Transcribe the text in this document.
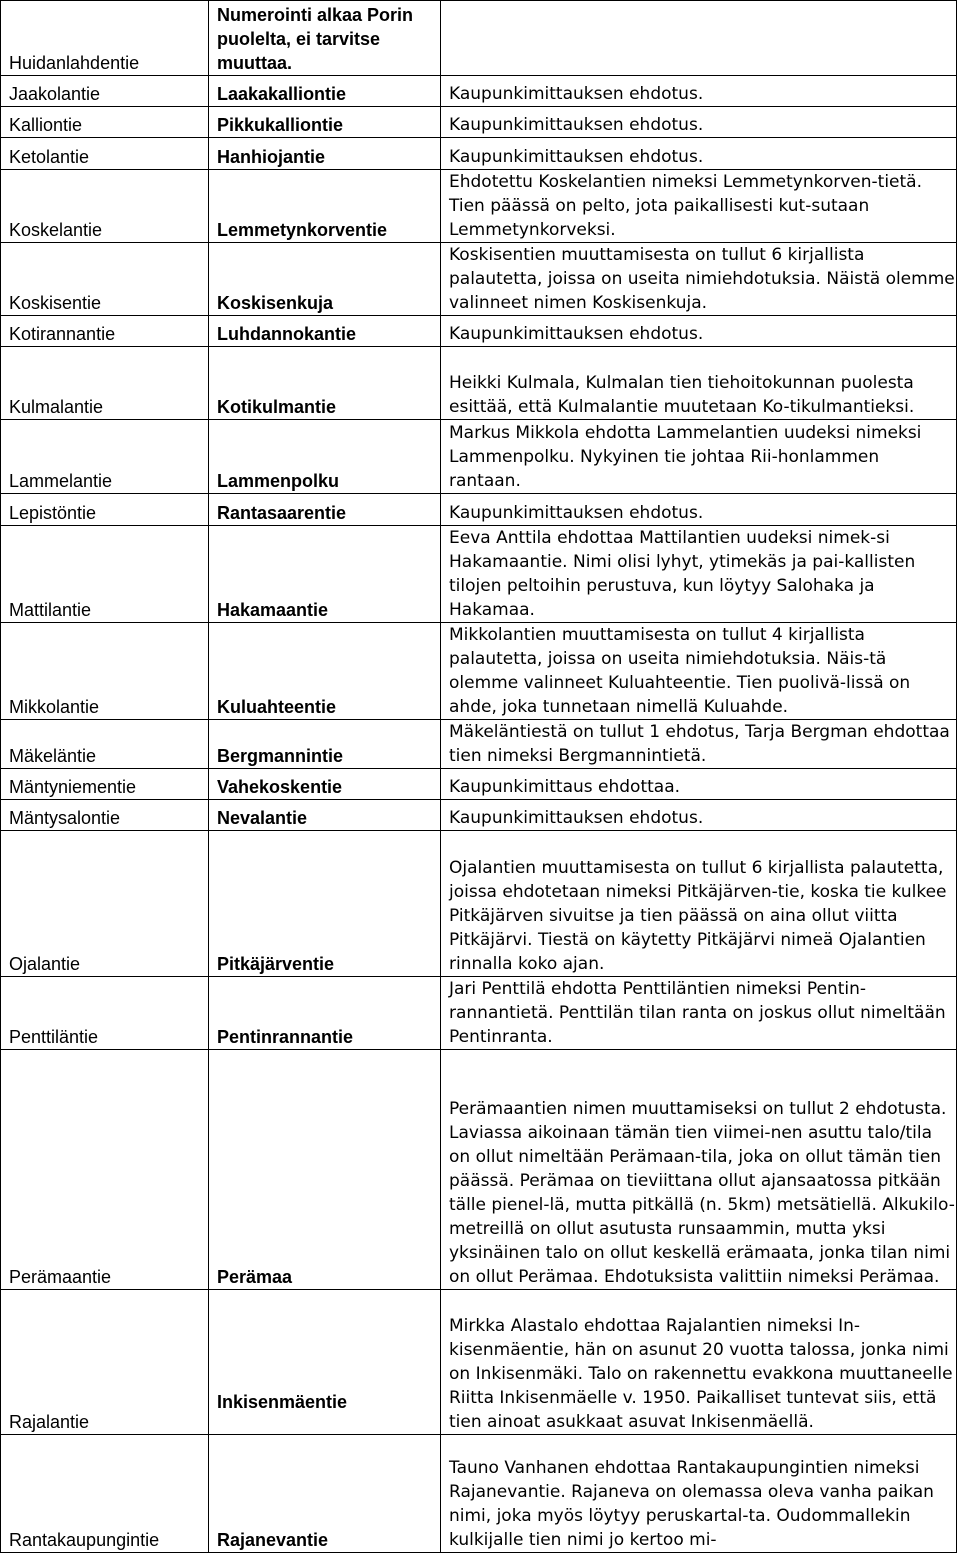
Huidanlahdentie	Numerointi alkaa Porin puolelta, ei tarvitse muuttaa.	
Jaakolantie	Laakakalliontie	Kaupunkimittauksen ehdotus.
Kalliontie	Pikkukalliontie	Kaupunkimittauksen ehdotus.
Ketolantie	Hanhiojantie	Kaupunkimittauksen ehdotus.
Koskelantie	Lemmetynkorventie	Ehdotettu Koskelantien nimeksi Lemmetynkorven-tietä. Tien päässä on pelto, jota paikallisesti kut-sutaan Lemmetynkorveksi.
Koskisentie	Koskisenkuja	Koskisentien muuttamisesta on tullut 6 kirjallista palautetta, joissa on useita nimiehdotuksia. Näistä olemme valinneet nimen Koskisenkuja.
Kotirannantie	Luhdannokantie	Kaupunkimittauksen ehdotus.
Kulmalantie	Kotikulmantie	Heikki Kulmala, Kulmalan tien tiehoitokunnan puolesta esittää, että Kulmalantie muutetaan Ko-tikulmantieksi.
Lammelantie	Lammenpolku	Markus Mikkola ehdotta Lammelantien uudeksi nimeksi Lammenpolku. Nykyinen tie johtaa Rii-honlammen rantaan.
Lepistöntie	Rantasaarentie	Kaupunkimittauksen ehdotus.
Mattilantie	Hakamaantie	Eeva Anttila ehdottaa Mattilantien uudeksi nimek-si Hakamaantie. Nimi olisi lyhyt, ytimekäs ja pai-kallisten tilojen peltoihin perustuva, kun löytyy Salohaka ja Hakamaa.
Mikkolantie	Kuluahteentie	Mikkolantien muuttamisesta on tullut 4 kirjallista palautetta, joissa on useita nimiehdotuksia. Näis-tä olemme valinneet Kuluahteentie. Tien puolivä-lissä on ahde, joka tunnetaan nimellä Kuluahde.
Mäkeläntie	Bergmannintie	Mäkeläntiestä on tullut 1 ehdotus, Tarja Bergman ehdottaa tien nimeksi Bergmannintietä.
Mäntyniementie	Vahekoskentie	Kaupunkimittaus ehdottaa.
Mäntysalontie	Nevalantie	Kaupunkimittauksen ehdotus.
Ojalantie	Pitkäjärventie	Ojalantien muuttamisesta on tullut 6 kirjallista palautetta, joissa ehdotetaan nimeksi Pitkäjärven-tie, koska tie kulkee Pitkäjärven sivuitse ja tien päässä on aina ollut viitta Pitkäjärvi. Tiestä on käytetty Pitkäjärvi nimeä Ojalantien rinnalla koko ajan.
Penttiläntie	Pentinrannantie	Jari Penttilä ehdotta Penttiläntien nimeksi Pentin-rannantietä. Penttilän tilan ranta on joskus ollut nimeltään Pentinranta.
Perämaantie	Perämaa	Perämaantien nimen muuttamiseksi on tullut 2 ehdotusta. Laviassa aikoinaan tämän tien viimei-nen asuttu talo/tila on ollut nimeltään Perämaan-tila, joka on ollut tämän tien päässä. Perämaa on tieviittana ollut ajansaatossa pitkään tälle pienel-lä, mutta pitkällä (n. 5km) metsätiellä. Alkukilo-metreillä on ollut asutusta runsaammin, mutta yksi yksinäinen talo on ollut keskellä erämaata, jonka tilan nimi on ollut Perämaa. Ehdotuksista valittiin nimeksi Perämaa.
Rajalantie	Inkisenmäentie	Mirkka Alastalo ehdottaa Rajalantien nimeksi In-kisenmäentie, hän on asunut 20 vuotta talossa, jonka nimi on Inkisenmäki. Talo on rakennettu evakkona muuttaneelle Riitta Inkisenmäelle v. 1950. Paikalliset tuntevat siis, että tien ainoat asukkaat asuvat Inkisenmäellä.
Rantakaupungintie	Rajanevantie	Tauno Vanhanen ehdottaa Rantakaupungintien nimeksi Rajanevantie. Rajaneva on olemassa oleva vanha paikan nimi, joka myös löytyy peruskartal-ta. Oudommallekin kulkijalle tien nimi jo kertoo mi-
